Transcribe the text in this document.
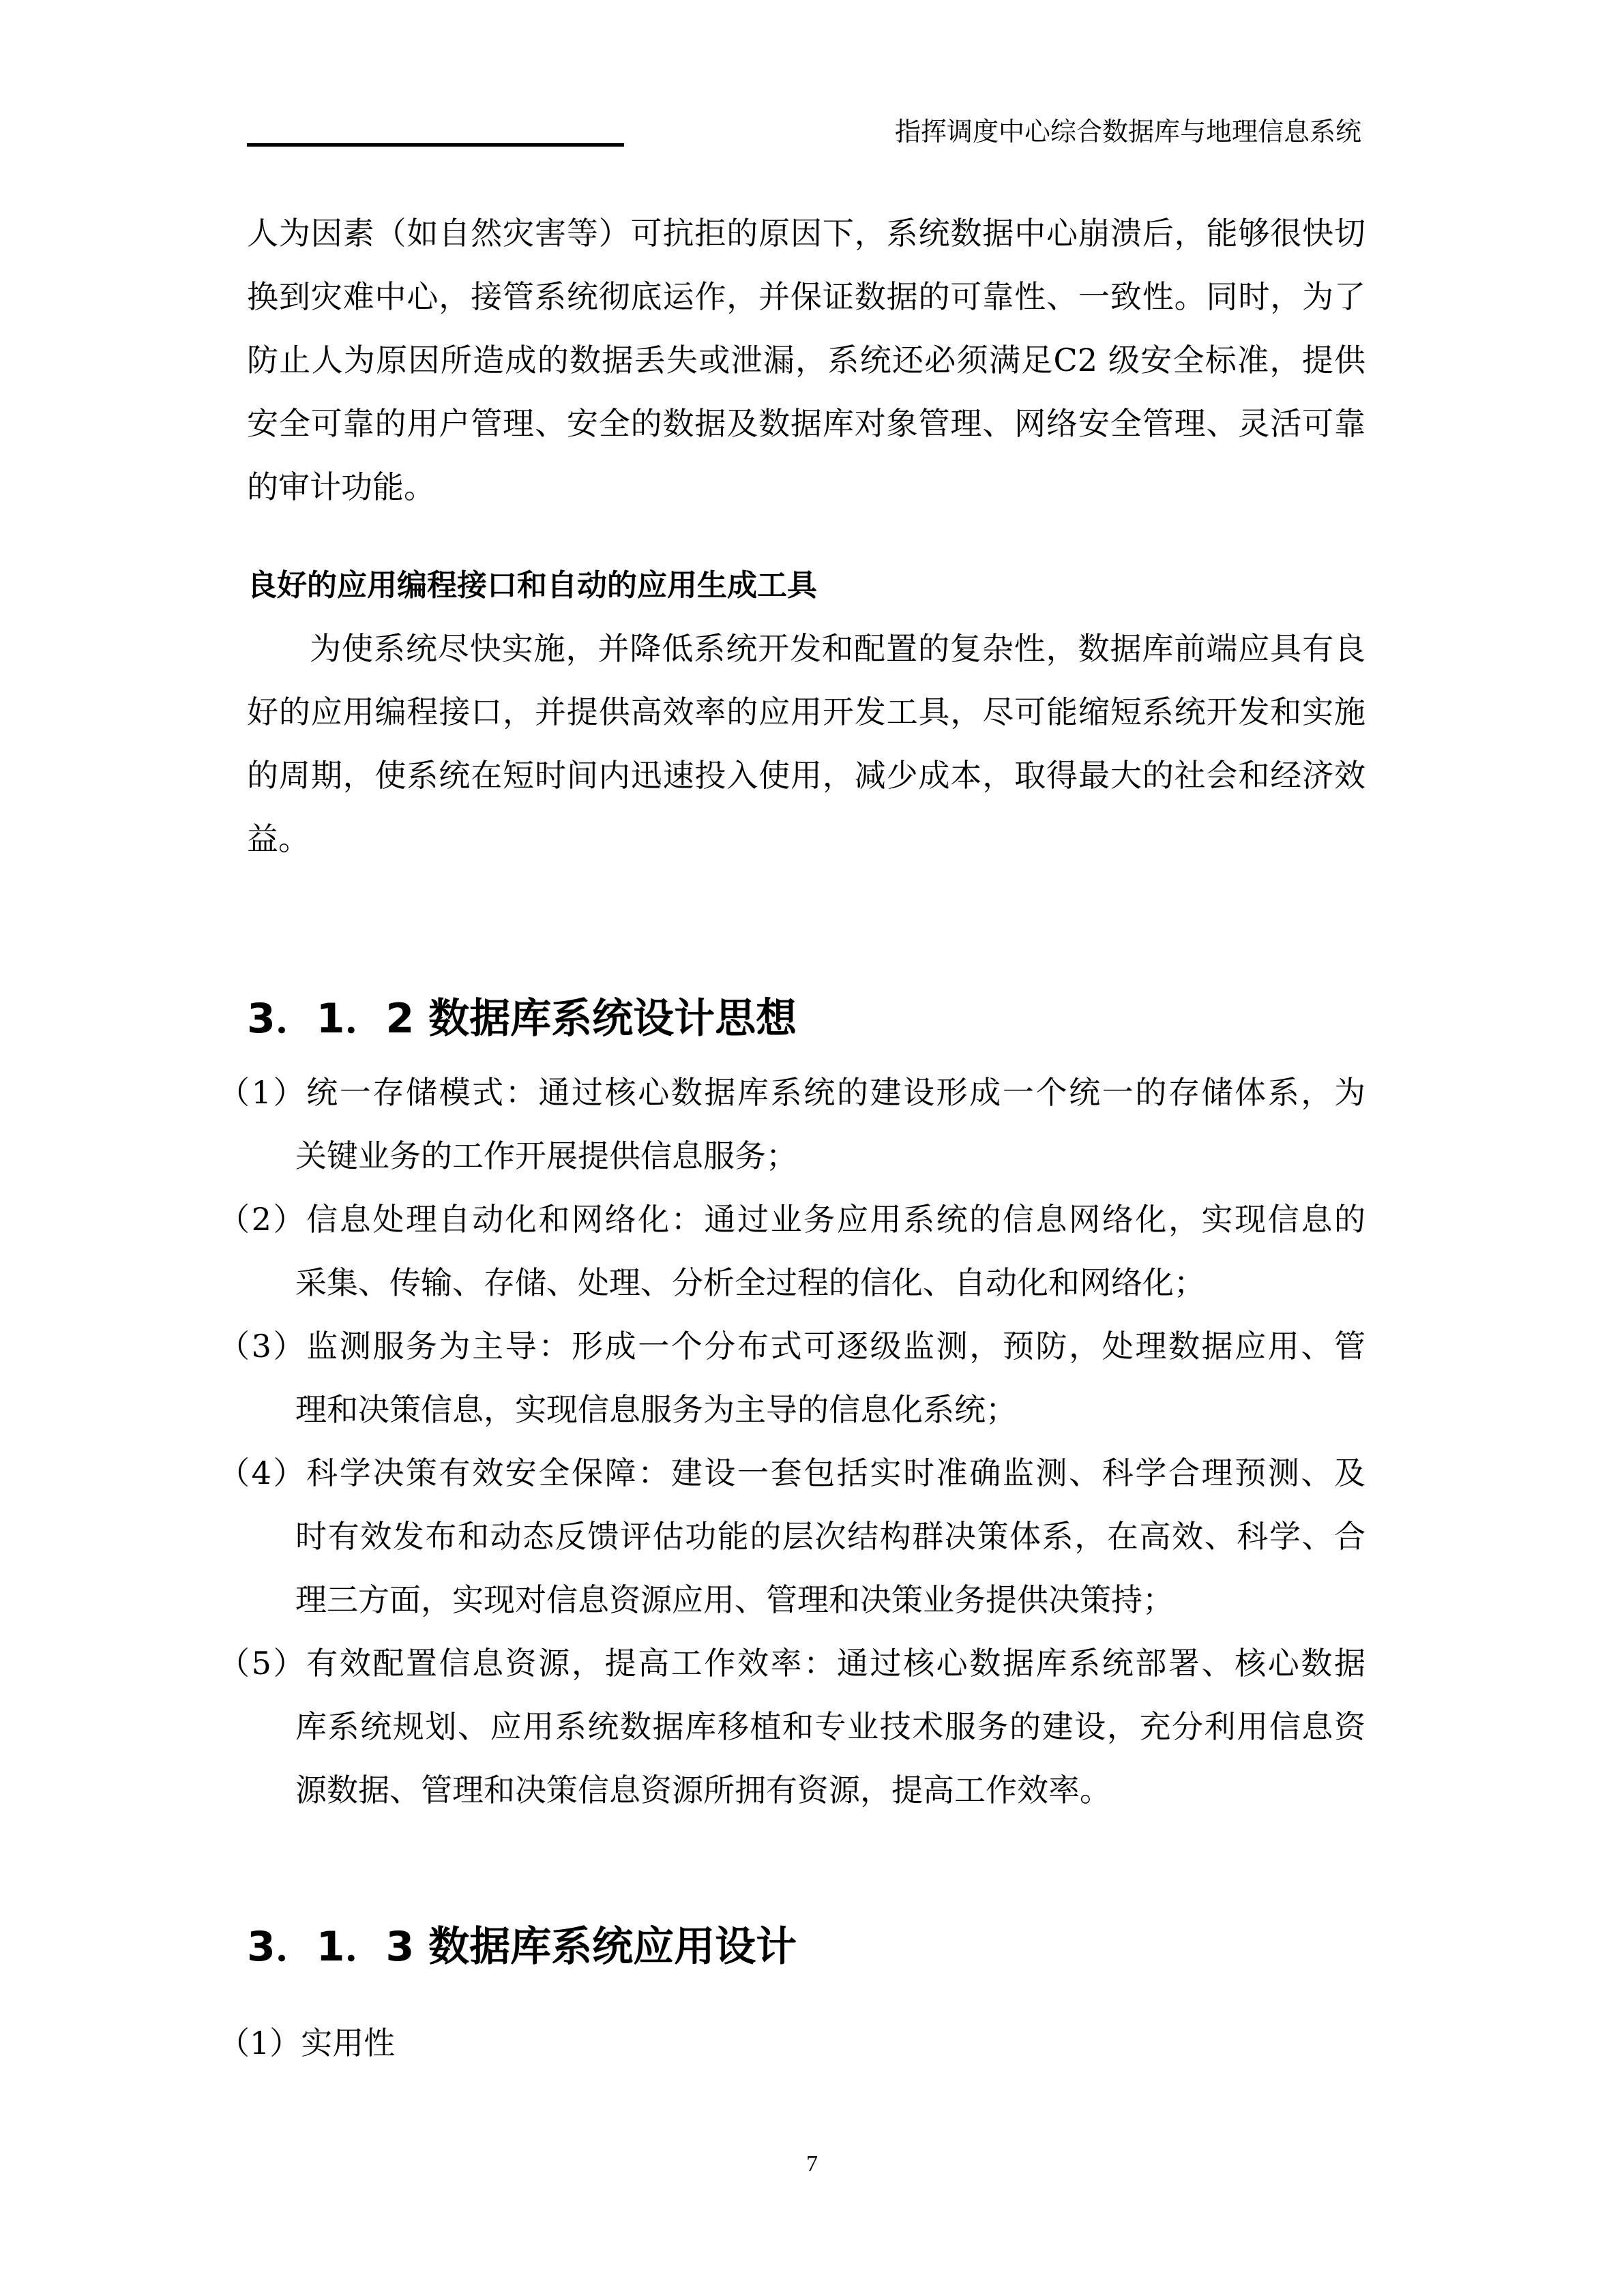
指挥调度中心综合数据库与地理信息系统
人为因素（如自然灾害等）可抗拒的原因下，系统数据中心崩溃后，能够很快切
换到灾难中心，接管系统彻底运作，并保证数据的可靠性、一致性。同时，为了
防止人为原因所造成的数据丢失或泄漏，系统还必须满足C2 级安全标准，提供
安全可靠的用户管理、安全的数据及数据库对象管理、网络安全管理、灵活可靠
的审计功能。
良好的应用编程接口和自动的应用生成工具
为使系统尽快实施，并降低系统开发和配置的复杂性，数据库前端应具有良
好的应用编程接口，并提供高效率的应用开发工具，尽可能缩短系统开发和实施
的周期，使系统在短时间内迅速投入使用，减少成本，取得最大的社会和经济效
益。
3．1．2 数据库系统设计思想
（1）统一存储模式：通过核心数据库系统的建设形成一个统一的存储体系，为
关键业务的工作开展提供信息服务；
（2）信息处理自动化和网络化：通过业务应用系统的信息网络化，实现信息的
采集、传输、存储、处理、分析全过程的信化、自动化和网络化；
（3）监测服务为主导：形成一个分布式可逐级监测，预防，处理数据应用、管
理和决策信息，实现信息服务为主导的信息化系统；
（4）科学决策有效安全保障：建设一套包括实时准确监测、科学合理预测、及
时有效发布和动态反馈评估功能的层次结构群决策体系，在高效、科学、合
理三方面，实现对信息资源应用、管理和决策业务提供决策持；
（5）有效配置信息资源，提高工作效率：通过核心数据库系统部署、核心数据
库系统规划、应用系统数据库移植和专业技术服务的建设，充分利用信息资
源数据、管理和决策信息资源所拥有资源，提高工作效率。
3．1．3 数据库系统应用设计
（1）实用性
7
